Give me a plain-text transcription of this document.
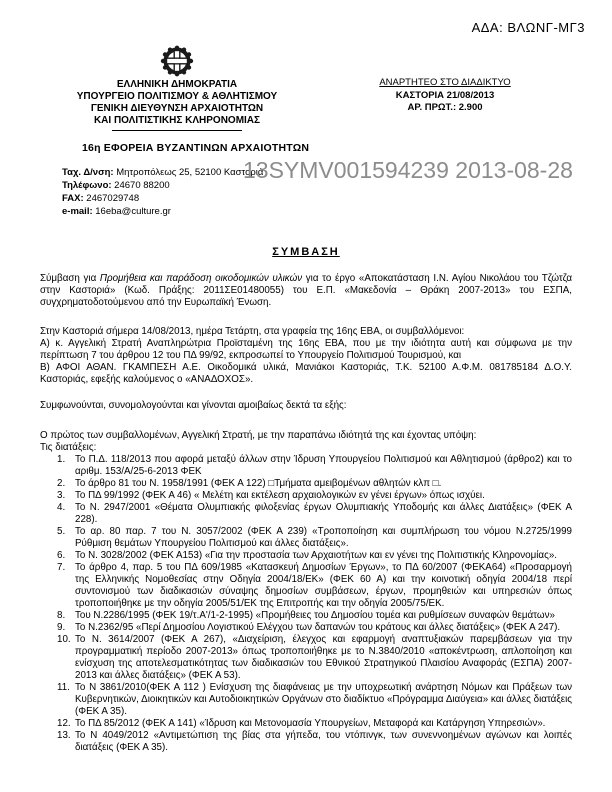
ΑΔΑ: ΒΛΩΝΓ-ΜΓ3
ΕΛΛΗΝΙΚΗ ΔΗΜΟΚΡΑΤΙΑ
ΥΠΟΥΡΓΕΙΟ ΠΟΛΙΤΙΣΜΟΥ & ΑΘΛΗΤΙΣΜΟΥ
ΓΕΝΙΚΗ ΔΙΕΥΘΥΝΣΗ ΑΡΧΑΙΟΤΗΤΩΝ
ΚΑΙ ΠΟΛΙΤΙΣΤΙΚΗΣ ΚΛΗΡΟΝΟΜΙΑΣ
16η ΕΦΟΡΕΙΑ ΒΥΖΑΝΤΙΝΩΝ ΑΡΧΑΙΟΤΗΤΩΝ
ΑΝΑΡΤΗΤΕΟ ΣΤΟ ΔΙΑΔΙΚΤΥΟ
ΚΑΣΤΟΡΙΑ 21/08/2013
ΑΡ. ΠΡΩΤ.: 2.900
Ταχ. Δ/νση: Μητροπόλεως 25, 52100 Καστοριά
Τηλέφωνο: 24670 88200
FAX: 2467029748
e-mail: 16eba@culture.gr
13SYMV001594239 2013-08-28
ΣΥΜΒΑΣΗ

Σύμβαση για Προμήθεια και παράδοση οικοδομικών υλικών για το έργο «Αποκατάσταση Ι.Ν. Αγίου Νικολάου του Τζώτζα στην Καστοριά» (Κωδ. Πράξης: 2011ΣΕ01480055) του Ε.Π. «Μακεδονία – Θράκη 2007-2013» του ΕΣΠΑ, συγχρηματοδοτούμενου από την Ευρωπαϊκή Ένωση.

Στην Καστοριά σήμερα 14/08/2013, ημέρα Τετάρτη, στα γραφεία της 16ης ΕΒΑ, οι συμβαλλόμενοι:

Α) κ. Αγγελική Στρατή Αναπληρώτρια Προϊσταμένη της 16ης ΕΒΑ, που με την ιδιότητα αυτή και σύμφωνα με την περίπτωση 7 του άρθρου 12 του ΠΔ 99/92, εκπροσωπεί το Υπουργείο Πολιτισμού Τουρισμού, και

Β) ΑΦΟΙ ΑΘΑΝ. ΓΚΑΜΠΕΣΗ Α.Ε. Οικοδομικά υλικά, Μανιάκοι Καστοριάς, Τ.Κ. 52100 Α.Φ.Μ. 081785184 Δ.Ο.Υ. Καστοριάς, εφεξής καλούμενος ο «ΑΝΑΔΟΧΟΣ».

Συμφωνούνται, συνομολογούνται και γίνονται αμοιβαίως δεκτά τα εξής:

Ο πρώτος των συμβαλλομένων, Αγγελική Στρατή, με την παραπάνω ιδιότητά της και έχοντας υπόψη:

Τις διατάξεις:

1.	Το Π.Δ. 118/2013 που αφορά μεταξύ άλλων στην Ίδρυση Υπουργείου Πολιτισμού και Αθλητισμού (άρθρο2) και το αριθμ. 153/Α/25-6-2013 ΦΕΚ
2.	Το άρθρο 81 του Ν. 1958/1991 (ΦΕΚ Α 122) □Τμήματα αμειβομένων αθλητών κλπ □.
3.	Το ΠΔ 99/1992 (ΦΕΚ Α 46) « Μελέτη και εκτέλεση αρχαιολογικών εν γένει έργων» όπως ισχύει.
4.	Το Ν. 2947/2001 «Θέματα Ολυμπιακής φιλοξενίας έργων Ολυμπιακής Υποδομής και άλλες Διατάξεις» (ΦΕΚ Α 228).
5.	Το αρ. 80 παρ. 7 του Ν. 3057/2002 (ΦΕΚ Α 239) «Τροποποίηση και συμπλήρωση του νόμου Ν.2725/1999 Ρύθμιση θεμάτων Υπουργείου Πολιτισμού και άλλες διατάξεις».
6.	Το Ν. 3028/2002 (ΦΕΚ Α153) «Για την προστασία των Αρχαιοτήτων και εν γένει της Πολιτιστικής Κληρονομίας».
7.	Το άρθρο 4, παρ. 5 του ΠΔ 609/1985 «Κατασκευή Δημοσίων Έργων», το ΠΔ 60/2007 (ΦΕΚΑ64) «Προσαρμογή της Ελληνικής Νομοθεσίας στην Οδηγία 2004/18/ΕΚ» (ΦΕΚ 60 Α) και την κοινοτική οδηγία 2004/18 περί συντονισμού των διαδικασιών σύναψης δημοσίων συμβάσεων, έργων, προμηθειών και υπηρεσιών όπως τροποποιήθηκε με την οδηγία 2005/51/ΕΚ της Επιτροπής και την οδηγία 2005/75/ΕΚ.
8.	Του Ν.2286/1995 (ΦΕΚ 19/τ.Α'/1-2-1995) «Προμήθειες του Δημοσίου τομέα και ρυθμίσεων συναφών θεμάτων»
9.	Το Ν.2362/95 «Περί Δημοσίου Λογιστικού Ελέγχου των δαπανών του κράτους και άλλες διατάξεις» (ΦΕΚ Α 247).
10. Το Ν. 3614/2007 (ΦΕΚ Α 267), «Διαχείριση, έλεγχος και εφαρμογή αναπτυξιακών παρεμβάσεων για την προγραμματική περίοδο 2007-2013» όπως τροποποιήθηκε με το Ν.3840/2010 «αποκέντρωση, απλοποίηση και ενίσχυση της αποτελεσματικότητας των διαδικασιών του Εθνικού Στρατηγικού Πλαισίου Αναφοράς (ΕΣΠΑ) 2007-2013 και άλλες διατάξεις» (ΦΕΚ Α 53).
11. Το Ν 3861/2010(ΦΕΚ Α 112 ) Ενίσχυση της διαφάνειας με την υποχρεωτική ανάρτηση Νόμων και Πράξεων των Κυβερνητικών, Διοικητικών και Αυτοδιοικητικών Οργάνων στο διαδίκτυο «Πρόγραμμα Διαύγεια» και άλλες διατάξεις (ΦΕΚ Α 35).
12. Το ΠΔ 85/2012 (ΦΕΚ Α 141) «Ίδρυση και Μετονομασία Υπουργείων, Μεταφορά και Κατάργηση Υπηρεσιών».
13. Το Ν 4049/2012 «Αντιμετώπιση της βίας στα γήπεδα, του ντόπινγκ, των συνεννοημένων αγώνων και λοιπές διατάξεις (ΦΕΚ Α 35).
